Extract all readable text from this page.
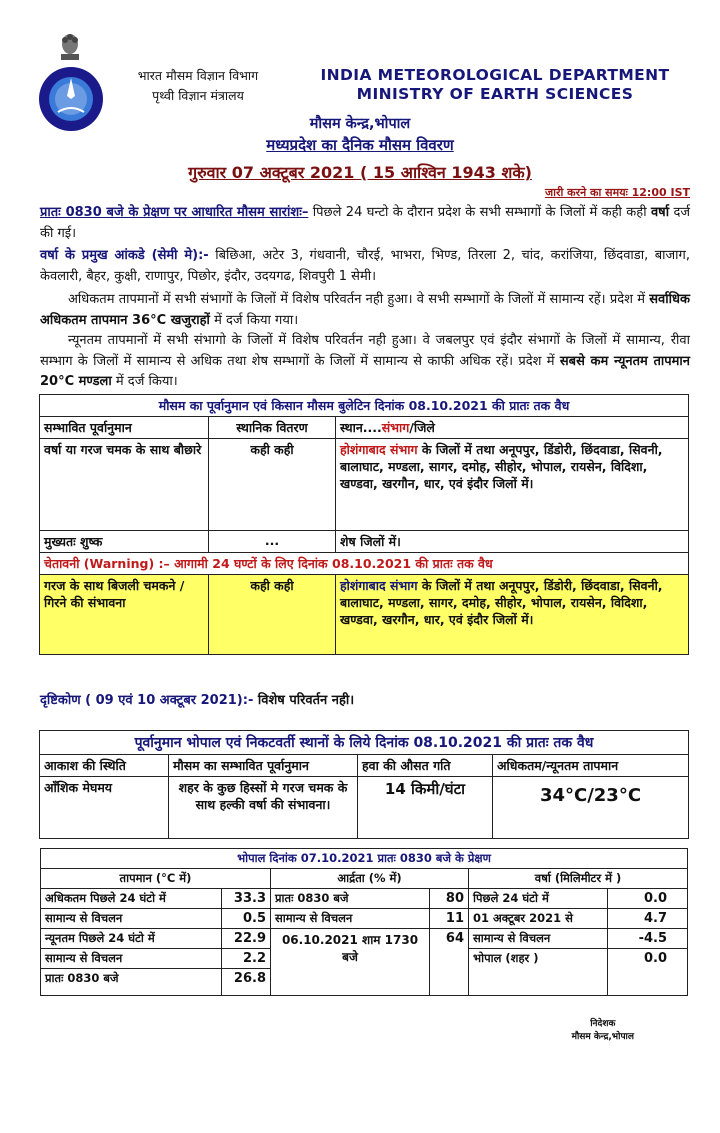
भारत मौसम विज्ञान विभाग
पृथ्वी विज्ञान मंत्रालय
INDIA METEOROLOGICAL DEPARTMENT
MINISTRY OF EARTH SCIENCES
मौसम केन्द्र,भोपाल
मध्यप्रदेश का दैनिक मौसम विवरण
गुरुवार 07 अक्टूबर 2021 ( 15 आश्विन 1943 शके)
जारी करने का समयः 12:00 IST
प्रातः 0830 बजे के प्रेक्षण पर आधारित मौसम सारांशः– पिछले 24 घन्टो के दौरान प्रदेश के सभी सम्भागों के जिलों में कही कही वर्षा दर्ज की गई।
वर्षा के प्रमुख आंकडे (सेमी मे):- बिछिआ, अटेर 3, गंधवानी, चौरई, भाभरा, भिण्ड, तिरला 2, चांद, करांजिया, छिंदवाडा, बाजाग, केवलारी, बैहर, कुक्षी, राणापुर, पिछोर, इंदौर, उदयगढ, शिवपुरी 1 सेमी।
अधिकतम तापमानों में सभी संभागों के जिलों में विशेष परिवर्तन नही हुआ। वे सभी सम्भागों के जिलों में सामान्य रहें। प्रदेश में सर्वाधिक अधिकतम तापमान 36°C खजुराहों में दर्ज किया गया।
न्यूनतम तापमानों में सभी संभागो के जिलों में विशेष परिवर्तन नही हुआ। वे जबलपुर एवं इंदौर संभागों के जिलों में सामान्य, रीवा सम्भाग के जिलों में सामान्य से अधिक तथा शेष सम्भागों के जिलों में सामान्य से काफी अधिक रहें। प्रदेश में सबसे कम न्यूनतम तापमान 20°C मण्डला में दर्ज किया।
मौसम का पूर्वानुमान एवं किसान मौसम बुलेटिन दिनांक 08.10.2021 की प्रातः तक वैध		
सम्भावित पूर्वानुमान	स्थानिक वितरण	स्थान....संभाग/जिले
वर्षा या गरज चमक के साथ बौछारे	कही कही	होशंगाबाद संभाग के जिलों में तथा अनूपपुर, डिंडोरी, छिंदवाडा, सिवनी, बालाघाट, मण्डला, सागर, दमोह, सीहोर, भोपाल, रायसेन, विदिशा, खण्डवा, खरगौन, धार, एवं इंदौर जिलों में।
मुख्यतः शुष्क	...	शेष जिलों में।
चेतावनी (Warning) :– आगामी 24 घण्टों के लिए दिनांक 08.10.2021 की प्रातः तक वैध		
गरज के साथ बिजली चमकने /गिरने की संभावना	कही कही	होशंगाबाद संभाग के जिलों में तथा अनूपपुर, डिंडोरी, छिंदवाडा, सिवनी, बालाघाट, मण्डला, सागर, दमोह, सीहोर, भोपाल, रायसेन, विदिशा, खण्डवा, खरगौन, धार, एवं इंदौर जिलों में।
दृष्टिकोण ( 09 एवं 10 अक्टूबर 2021):- विशेष परिवर्तन नही।
पूर्वानुमान भोपाल एवं निकटवर्ती स्थानों के लिये दिनांक 08.10.2021 की प्रातः तक वैध			
आकाश की स्थिति	मौसम का सम्भावित पूर्वानुमान	हवा की औसत गति	अधिकतम/न्यूनतम तापमान
आँशिक मेघमय	शहर के कुछ हिस्सों मे गरज चमक के साथ हल्की वर्षा की संभावना।	14 किमी/घंटा	34°C/23°C
भोपाल दिनांक 07.10.2021 प्रातः 0830 बजे के प्रेक्षण					
तापमान (°C में)		आर्द्रता (% में)		वर्षा (मिलिमीटर में )	
अधिकतम पिछले 24 घंटो में	33.3	प्रातः 0830 बजे	80	पिछले 24 घंटो में	0.0
सामान्य से विचलन	0.5	सामान्य से विचलन	11	01 अक्टूबर 2021 से	4.7
न्यूनतम पिछले 24 घंटो में	22.9	06.10.2021 शाम 1730 बजे	64	सामान्य से विचलन	-4.5
सामान्य से विचलन	2.2			भोपाल (शहर )	0.0
प्रातः 0830 बजे	26.8				
निदेशक
मौसम केन्द्र,भोपाल
